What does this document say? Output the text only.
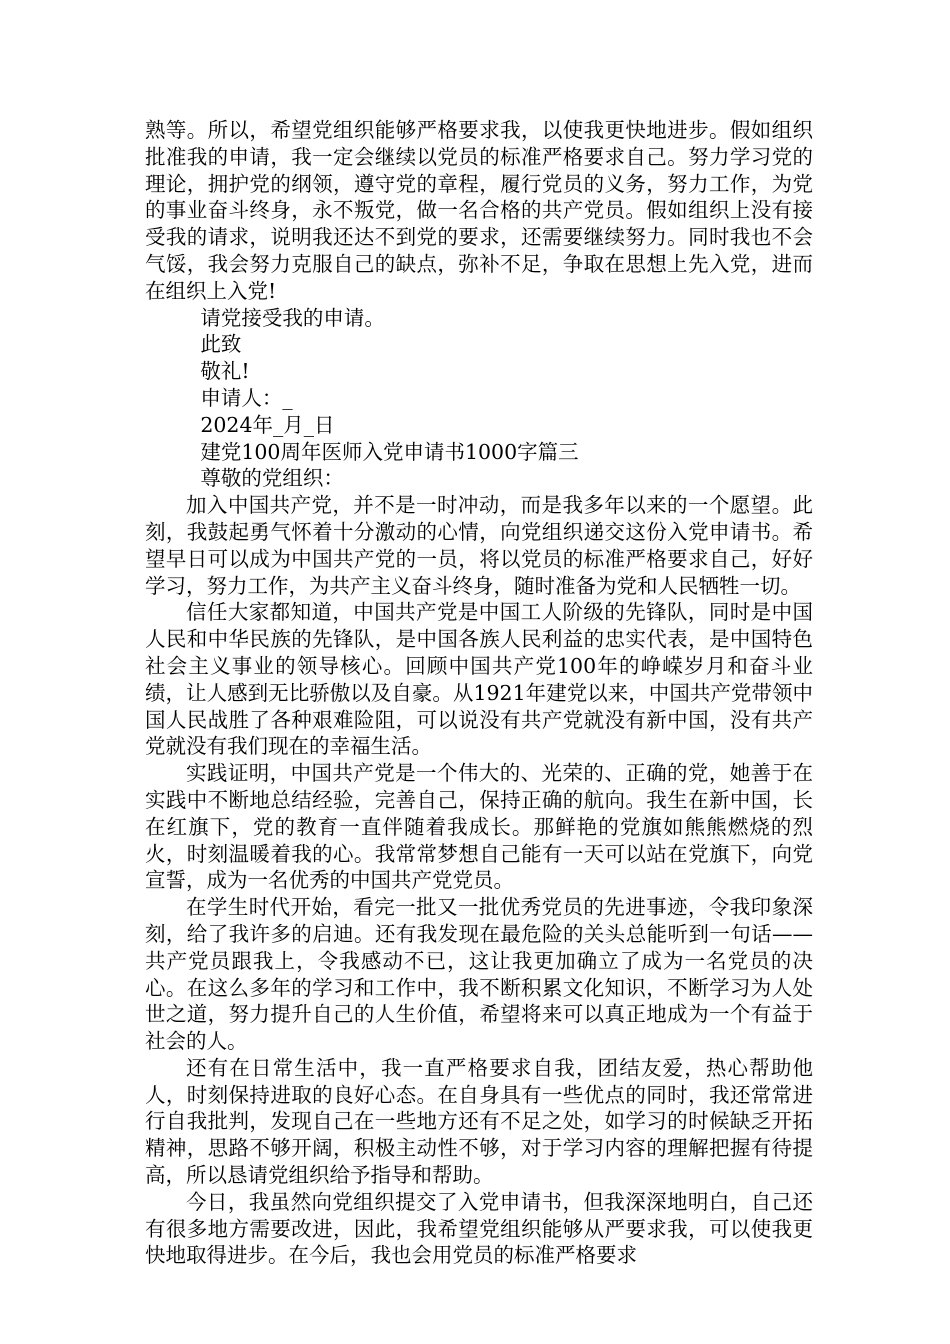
熟等。所以，希望党组织能够严格要求我，以使我更快地进步。假如组织批准我的申请，我一定会继续以党员的标准严格要求自己。努力学习党的理论，拥护党的纲领，遵守党的章程，履行党员的义务，努力工作，为党的事业奋斗终身，永不叛党，做一名合格的共产党员。假如组织上没有接受我的请求，说明我还达不到党的要求，还需要继续努力。同时我也不会气馁，我会努力克服自己的缺点，弥补不足，争取在思想上先入党，进而在组织上入党!

请党接受我的申请。

此致

敬礼!

申请人：_

2024年_月_日

建党100周年医师入党申请书1000字篇三

尊敬的党组织：

加入中国共产党，并不是一时冲动，而是我多年以来的一个愿望。此刻，我鼓起勇气怀着十分激动的心情，向党组织递交这份入党申请书。希望早日可以成为中国共产党的一员，将以党员的标准严格要求自己，好好学习，努力工作，为共产主义奋斗终身，随时准备为党和人民牺牲一切。

信任大家都知道，中国共产党是中国工人阶级的先锋队，同时是中国人民和中华民族的先锋队，是中国各族人民利益的忠实代表，是中国特色社会主义事业的领导核心。回顾中国共产党100年的峥嵘岁月和奋斗业绩，让人感到无比骄傲以及自豪。从1921年建党以来，中国共产党带领中国人民战胜了各种艰难险阻，可以说没有共产党就没有新中国，没有共产党就没有我们现在的幸福生活。

实践证明，中国共产党是一个伟大的、光荣的、正确的党，她善于在实践中不断地总结经验，完善自己，保持正确的航向。我生在新中国，长在红旗下，党的教育一直伴随着我成长。那鲜艳的党旗如熊熊燃烧的烈火，时刻温暖着我的心。我常常梦想自己能有一天可以站在党旗下，向党宣誓，成为一名优秀的中国共产党党员。

在学生时代开始，看完一批又一批优秀党员的先进事迹，令我印象深刻，给了我许多的启迪。还有我发现在最危险的关头总能听到一句话——共产党员跟我上，令我感动不已，这让我更加确立了成为一名党员的决心。在这么多年的学习和工作中，我不断积累文化知识，不断学习为人处世之道，努力提升自己的人生价值，希望将来可以真正地成为一个有益于社会的人。

还有在日常生活中，我一直严格要求自我，团结友爱，热心帮助他人，时刻保持进取的良好心态。在自身具有一些优点的同时，我还常常进行自我批判，发现自己在一些地方还有不足之处，如学习的时候缺乏开拓精神，思路不够开阔，积极主动性不够，对于学习内容的理解把握有待提高，所以恳请党组织给予指导和帮助。

今日，我虽然向党组织提交了入党申请书，但我深深地明白，自己还有很多地方需要改进，因此，我希望党组织能够从严要求我，可以使我更快地取得进步。在今后，我也会用党员的标准严格要求
